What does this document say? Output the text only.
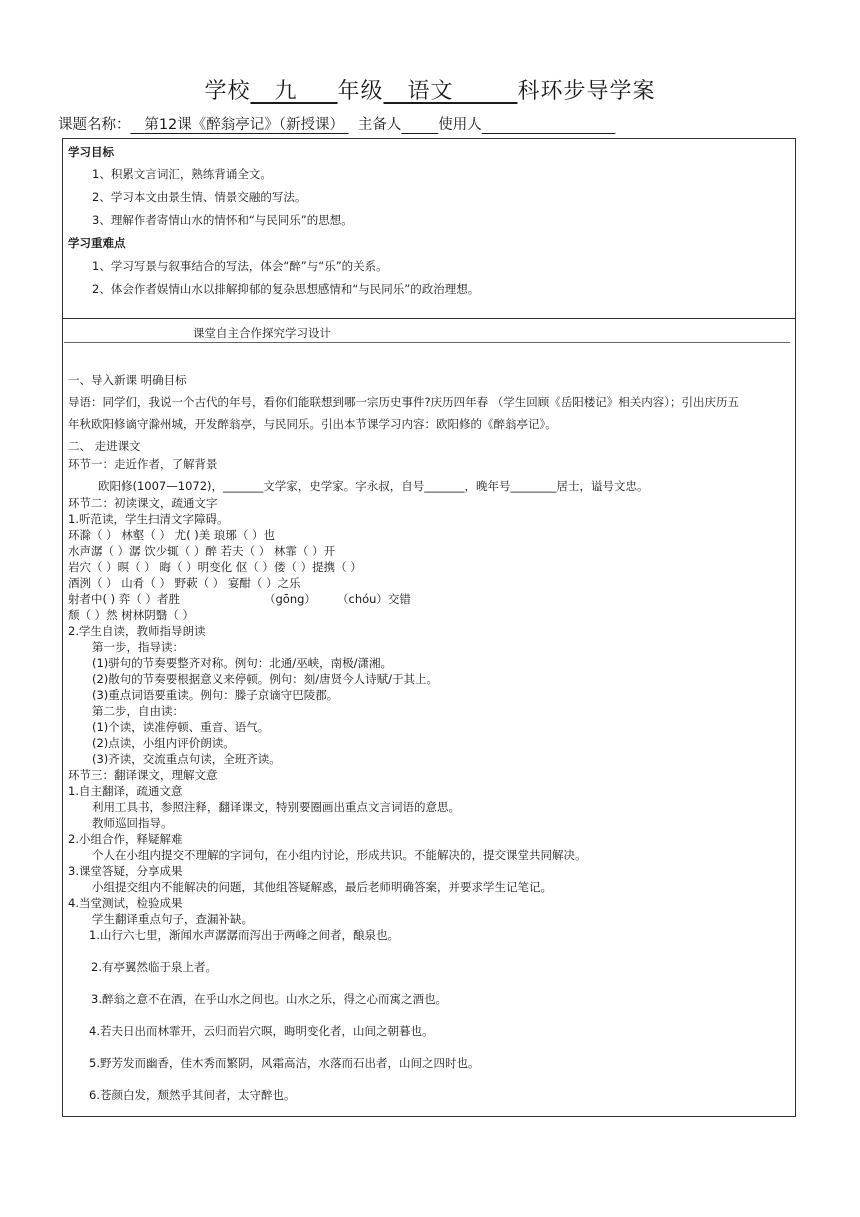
学校 九 年级 语文	科环步导学案
课题名称： 第12课《醉翁亭记》（新授课） 主备人	使用人
学习目标
1、积累文言词汇，熟练背诵全文。
2、学习本文由景生情、情景交融的写法。
3、理解作者寄情山水的情怀和“与民同乐”的思想。
学习重难点
1、学习写景与叙事结合的写法，体会“醉”与“乐”的关系。
2、体会作者娱情山水以排解抑郁的复杂思想感情和“与民同乐”的政治理想。
课堂自主合作探究学习设计
一、导入新课 明确目标
导语：同学们，我说一个古代的年号，看你们能联想到哪一宗历史事件?庆历四年春 （学生回顾《岳阳楼记》相关内容）；引出庆历五
年秋欧阳修谪守滁州城，开发醉翁亭，与民同乐。引出本节课学习内容：欧阳修的《醉翁亭记》。
二、 走进课文
环节一：走近作者，了解背景
欧阳修(1007—1072)，_______文学家，史学家。字永叔，自号_______，晚年号________居士，谥号文忠。
环节二：初读课文，疏通文字
1.听范读，学生扫清文字障碍。
环滁（ ） 林壑（ ） 尤( )美 琅琊（ ）也
水声潺（ ）潺 饮少辄（ ）醉 若夫（ ） 林霏（ ）开
岩穴（ ）暝（ ） 晦（ ）明变化 伛（ ）偻（ ）提携（ ）
酒洌（ ） 山肴（ ） 野蔌（ ） 宴酣（ ）之乐
射者中( ) 弈（ ）者胜	（gōng） （chóu）交错
颓（ ）然 树林阴翳（ ）
2.学生自读，教师指导朗读
第一步，指导读：
(1)骈句的节奏要整齐对称。例句：北通/巫峡，南极/潇湘。
(2)散句的节奏要根据意义来停顿。例句：刻/唐贤今人诗赋/于其上。
(3)重点词语要重读。例句：滕子京谪守巴陵郡。
第二步，自由读：
(1)个读，读准停顿、重音、语气。
(2)点读，小组内评价朗读。
(3)齐读，交流重点句读，全班齐读。
环节三：翻译课文，理解文意
1.自主翻译，疏通文意
利用工具书，参照注释，翻译课文，特别要圈画出重点文言词语的意思。
教师巡回指导。
2.小组合作，释疑解难
个人在小组内提交不理解的字词句，在小组内讨论，形成共识。不能解决的，提交课堂共同解决。
3.课堂答疑，分享成果
小组提交组内不能解决的问题，其他组答疑解惑，最后老师明确答案，并要求学生记笔记。
4.当堂测试，检验成果
学生翻译重点句子，查漏补缺。
1.山行六七里，渐闻水声潺潺而泻出于两峰之间者，酿泉也。
2.有亭翼然临于泉上者。
3.醉翁之意不在酒，在乎山水之间也。山水之乐，得之心而寓之酒也。
4.若夫日出而林霏开，云归而岩穴暝，晦明变化者，山间之朝暮也。
5.野芳发而幽香，佳木秀而繁阴，风霜高洁，水落而石出者，山间之四时也。
6.苍颜白发，颓然乎其间者，太守醉也。
